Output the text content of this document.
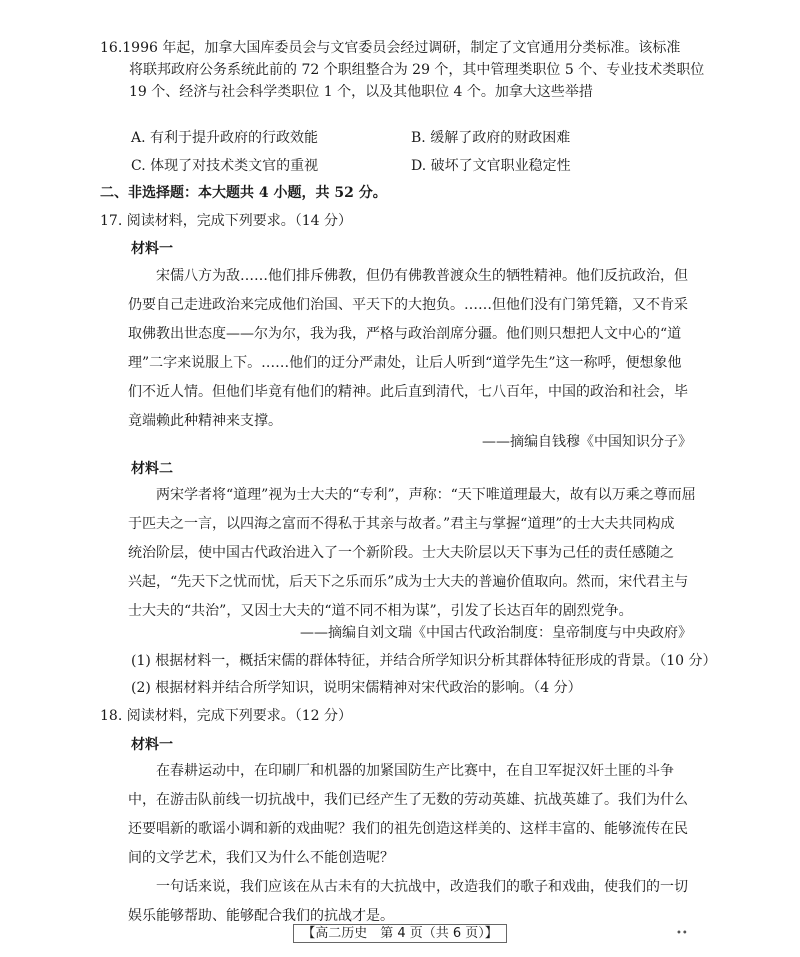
16.1996 年起，加拿大国库委员会与文官委员会经过调研，制定了文官通用分类标准。该标准
将联邦政府公务系统此前的 72 个职组整合为 29 个，其中管理类职位 5 个、专业技术类职位
19 个、经济与社会科学类职位 1 个，以及其他职位 4 个。加拿大这些举措
A. 有利于提升政府的行政效能	B. 缓解了政府的财政困难
C. 体现了对技术类文官的重视	D. 破坏了文官职业稳定性
二、非选择题：本大题共 4 小题，共 52 分。
17. 阅读材料，完成下列要求。（14 分）
材料一
宋儒八方为敌……他们排斥佛教，但仍有佛教普渡众生的牺牲精神。他们反抗政治，但
仍要自己走进政治来完成他们治国、平天下的大抱负。……但他们没有门第凭籍，又不肯采
取佛教出世态度——尔为尔，我为我，严格与政治剖席分疆。他们则只想把人文中心的“道
理”二字来说服上下。……他们的迂分严肃处，让后人听到“道学先生”这一称呼，便想象他
们不近人情。但他们毕竟有他们的精神。此后直到清代，七八百年，中国的政治和社会，毕
竟端赖此种精神来支撑。
——摘编自钱穆《中国知识分子》
材料二
两宋学者将“道理”视为士大夫的“专利”，声称：“天下唯道理最大，故有以万乘之尊而屈
于匹夫之一言，以四海之富而不得私于其亲与故者。”君主与掌握“道理”的士大夫共同构成
统治阶层，使中国古代政治进入了一个新阶段。士大夫阶层以天下事为己任的责任感随之
兴起，“先天下之忧而忧，后天下之乐而乐”成为士大夫的普遍价值取向。然而，宋代君主与
士大夫的“共治”，又因士大夫的“道不同不相为谋”，引发了长达百年的剧烈党争。
——摘编自刘文瑞《中国古代政治制度：皇帝制度与中央政府》
(1) 根据材料一，概括宋儒的群体特征，并结合所学知识分析其群体特征形成的背景。（10 分）
(2) 根据材料并结合所学知识，说明宋儒精神对宋代政治的影响。（4 分）
18. 阅读材料，完成下列要求。（12 分）
材料一
在春耕运动中，在印刷厂和机器的加紧国防生产比赛中，在自卫军捉汉奸土匪的斗争
中，在游击队前线一切抗战中，我们已经产生了无数的劳动英雄、抗战英雄了。我们为什么
还要唱新的歌谣小调和新的戏曲呢？我们的祖先创造这样美的、这样丰富的、能够流传在民
间的文学艺术，我们又为什么不能创造呢？
一句话来说，我们应该在从古未有的大抗战中，改造我们的歌子和戏曲，使我们的一切
娱乐能够帮助、能够配合我们的抗战才是。
【高二历史　第 4 页（共 6 页）】	••
